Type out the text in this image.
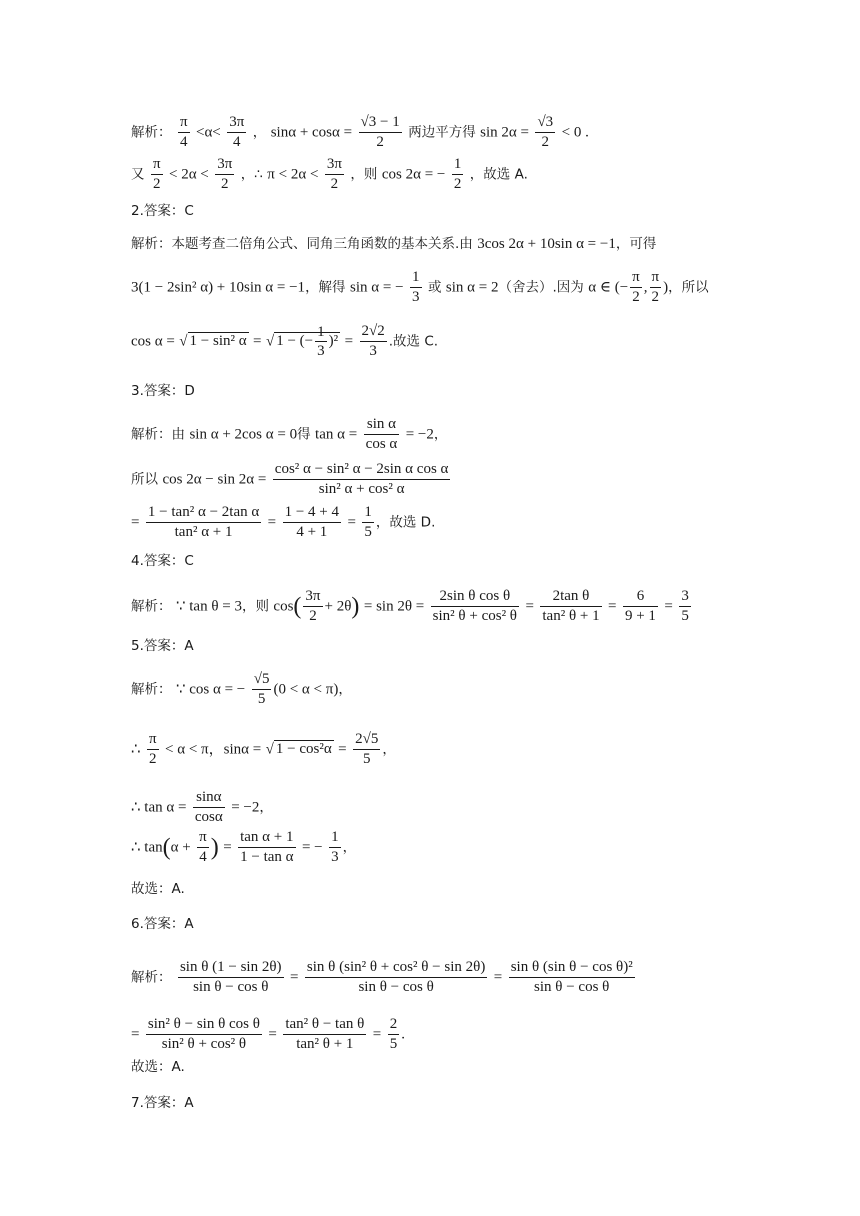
解析： $\frac{\pi}{4} <\alpha< \frac{3\pi}{4}$ ， $\sin\alpha + \cos\alpha = \frac{√3 - 1}{2}$ 两边平方得 $\sin 2\alpha = \frac{√3}{2} < 0$ .
又 $\frac{\pi}{2} < 2\alpha < \frac{3\pi}{2}$ ，∴ $\pi < 2\alpha < \frac{3\pi}{2}$ ，则 cos 2α = − $\frac{1}{2}$ ，故选 A.
2.答案：C
解析：本题考查二倍角公式、同角三角函数的基本关系.由 3cos 2α + 10sin α = −1，可得
3(1 − 2sin² α) + 10sin α = −1，解得 sin α = − $\frac{1}{3}$ 或 sin α = 2（舍去）.因为 α ∈ (− $\frac{\pi}{2}$ , $\frac{\pi}{2}$ )，所以
cos α = √ 1 − sin² α = √ 1 − (− $\frac{1}{3} )^2 = \frac{2√2}{3}$ .故选 C.
3.答案：D
解析：由 sin α + 2cos α = 0得 $\tan \alpha = \frac{\text{sin α}}{\text{cos α}} = -2$，
所以 $\cos 2\alpha - \sin 2\alpha = \frac{\text{cos² α − sin² α − 2sin α cos α}}{\text{sin² α + cos² α}}$
= $\frac{\text{1 − tan² α − 2tan α}}{\text{tan² α + 1}} = \frac{1 - 4 + 4}{4 + 1} = \frac{1}{5}$ ，故选 D.
4.答案：C
解析： ∵ tan θ = 3，则 $\cos( \frac{3\pi}{2} + 2\theta) = \sin 2\theta = \frac{\text{2sin θ cos θ}}{\text{sin² θ + cos² θ}} = \frac{\text{2tan θ}}{\text{tan² θ + 1}} = \frac{6}{9 + 1} = \frac{3}{5}$
5.答案：A
解析： ∵ cos α = − $\frac{√5}{5} (0 < \alpha < \pi)$，
∴ $\frac{\pi}{2} < \alpha < \pi$，sinα = √ $1 - \cos^2\alpha = \frac{2√5}{5}$ ，
∴ $\tan \alpha = \frac{\sin\alpha}{\cos\alpha} = -2$，
∴ $\tan(\alpha + \frac{\pi}{4}$ ) = $\frac{\text{tan α + 1}}{\text{1 − tan α}}$ = − $\frac{1}{3}$ ，
故选：A.
6.答案：A
解析： $\frac{\text{sin θ (1 − sin 2θ)}}{\text{sin θ − cos θ}} = \frac{\text{sin θ (sin² θ + cos² θ − sin 2θ)}}{\text{sin θ − cos θ}} = \frac{\text{sin θ (sin θ − cos θ)²}}{\text{sin θ − cos θ}}$
= $\frac{\text{sin² θ − sin θ cos θ}}{\text{sin² θ + cos² θ}} = \frac{\text{tan² θ − tan θ}}{\text{tan² θ + 1}} = \frac{2}{5}$ .
故选：A.
7.答案：A
